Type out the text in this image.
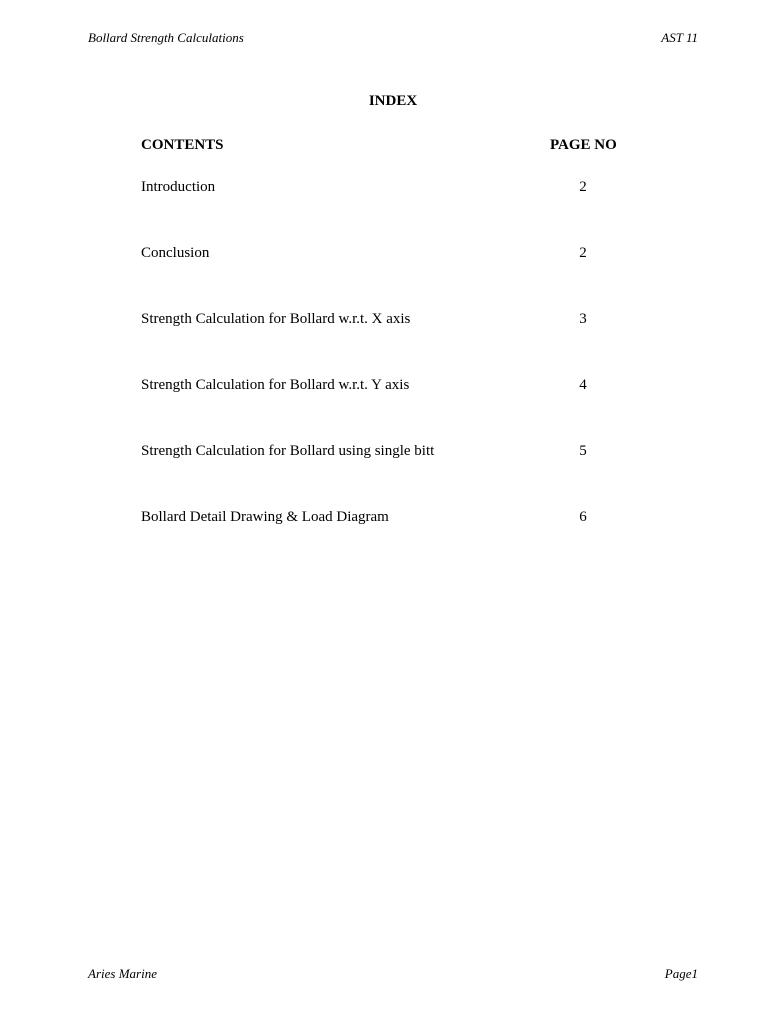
Bollard Strength Calculations	AST 11
INDEX
CONTENTS	PAGE NO
Introduction	2
Conclusion	2
Strength Calculation for Bollard w.r.t. X axis	3
Strength Calculation for Bollard w.r.t. Y axis	4
Strength Calculation for Bollard using single bitt	5
Bollard Detail Drawing & Load Diagram	6
Aries Marine	Page1
